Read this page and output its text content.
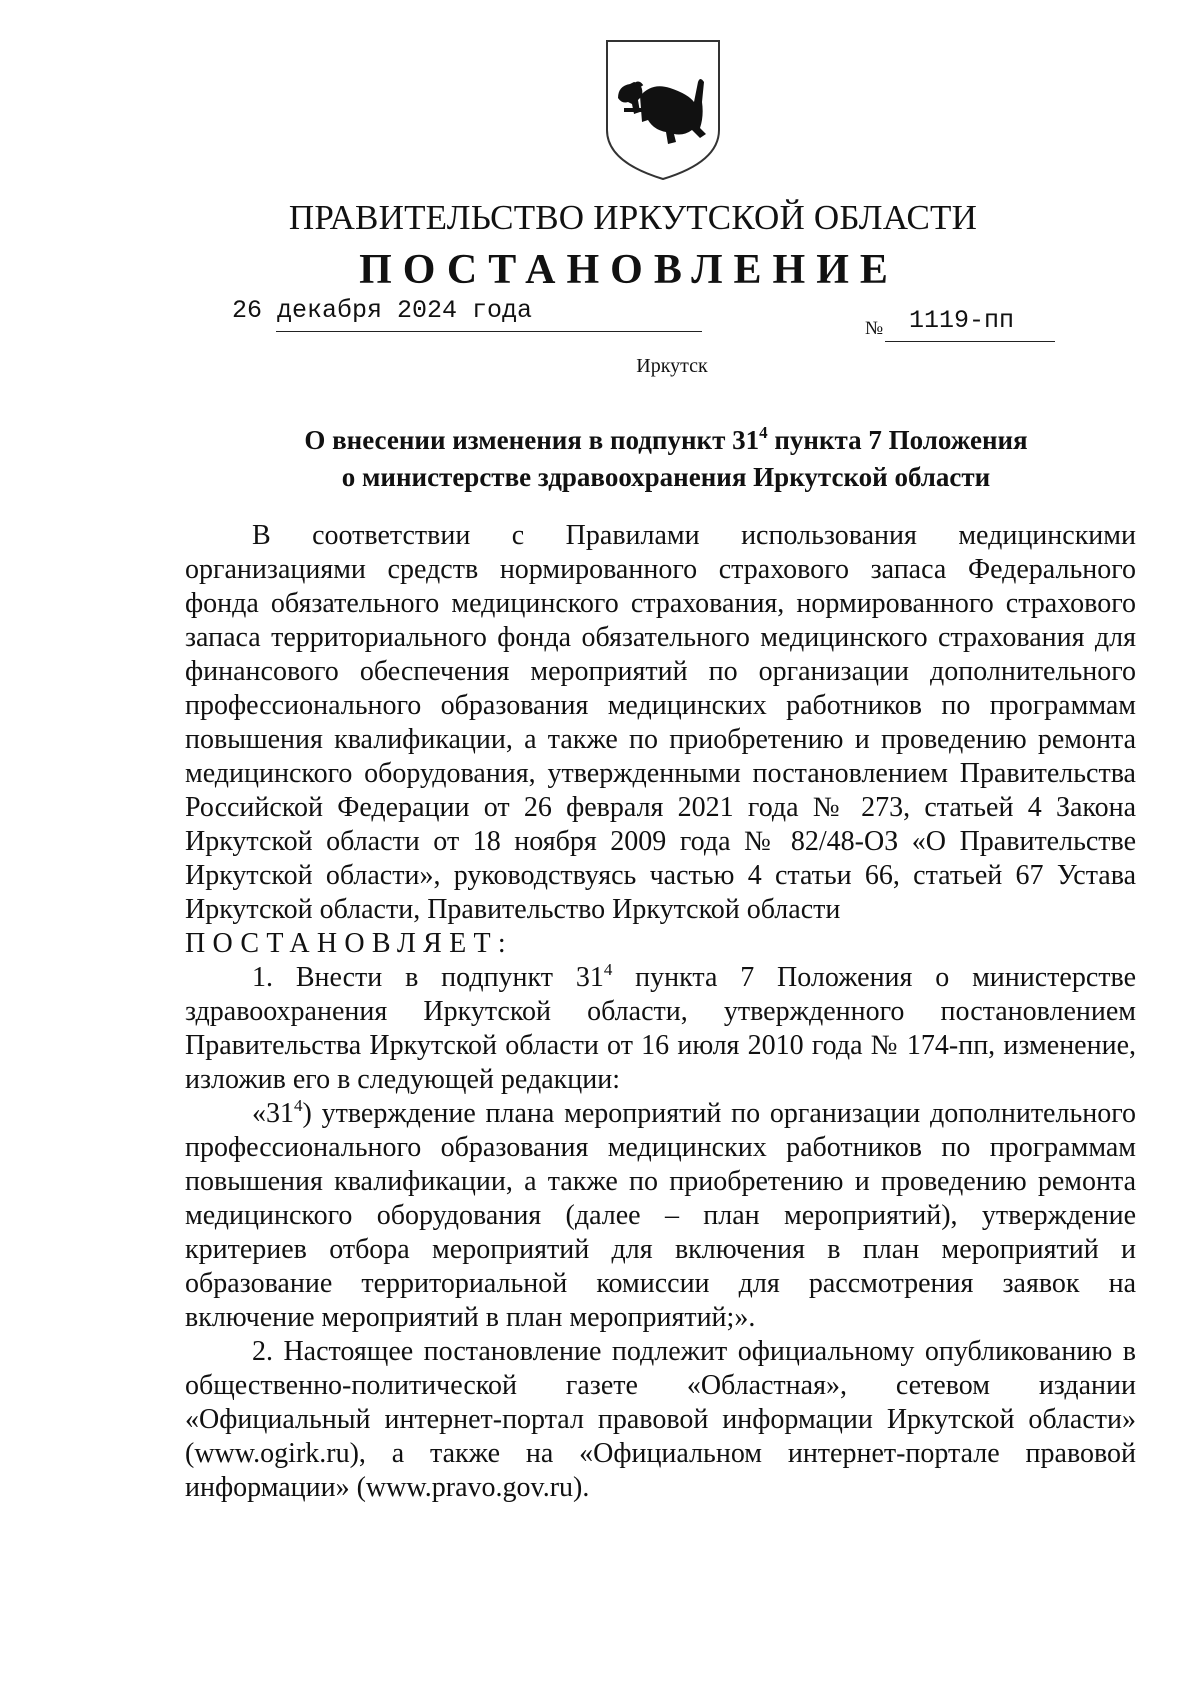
ПРАВИТЕЛЬСТВО ИРКУТСКОЙ ОБЛАСТИ
ПОСТАНОВЛЕНИЕ
26 декабря 2024 года
№ 1119-пп
Иркутск
О внесении изменения в подпункт $31^4$ пункта 7 Положения
о министерстве здравоохранения Иркутской области

В соответствии с Правилами использования медицинскими организациями средств нормированного страхового запаса Федерального фонда обязательного медицинского страхования, нормированного страхового запаса территориального фонда обязательного медицинского страхования для финансового обеспечения мероприятий по организации дополнительного профессионального образования медицинских работников по программам повышения квалификации, а также по приобретению и проведению ремонта медицинского оборудования, утвержденными постановлением Правительства Российской Федерации от 26 февраля 2021 года № 273, статьей 4 Закона Иркутской области от 18 ноября 2009 года № 82/48-ОЗ «О Правительстве Иркутской области», руководствуясь частью 4 статьи 66, статьей 67 Устава Иркутской области, Правительство Иркутской области

ПОСТАНОВЛЯЕТ:

1. Внести в подпункт $31^4$ пункта 7 Положения о министерстве здравоохранения Иркутской области, утвержденного постановлением Правительства Иркутской области от 16 июля 2010 года № 174-пп, изменение, изложив его в следующей редакции:

«$31^4$) утверждение плана мероприятий по организации дополнительного профессионального образования медицинских работников по программам повышения квалификации, а также по приобретению и проведению ремонта медицинского оборудования (далее – план мероприятий), утверждение критериев отбора мероприятий для включения в план мероприятий и образование территориальной комиссии для рассмотрения заявок на включение мероприятий в план мероприятий;».

2. Настоящее постановление подлежит официальному опубликованию в общественно-политической газете «Областная», сетевом издании «Официальный интернет-портал правовой информации Иркутской области» (www.ogirk.ru), а также на «Официальном интернет-портале правовой информации» (www.pravo.gov.ru).
